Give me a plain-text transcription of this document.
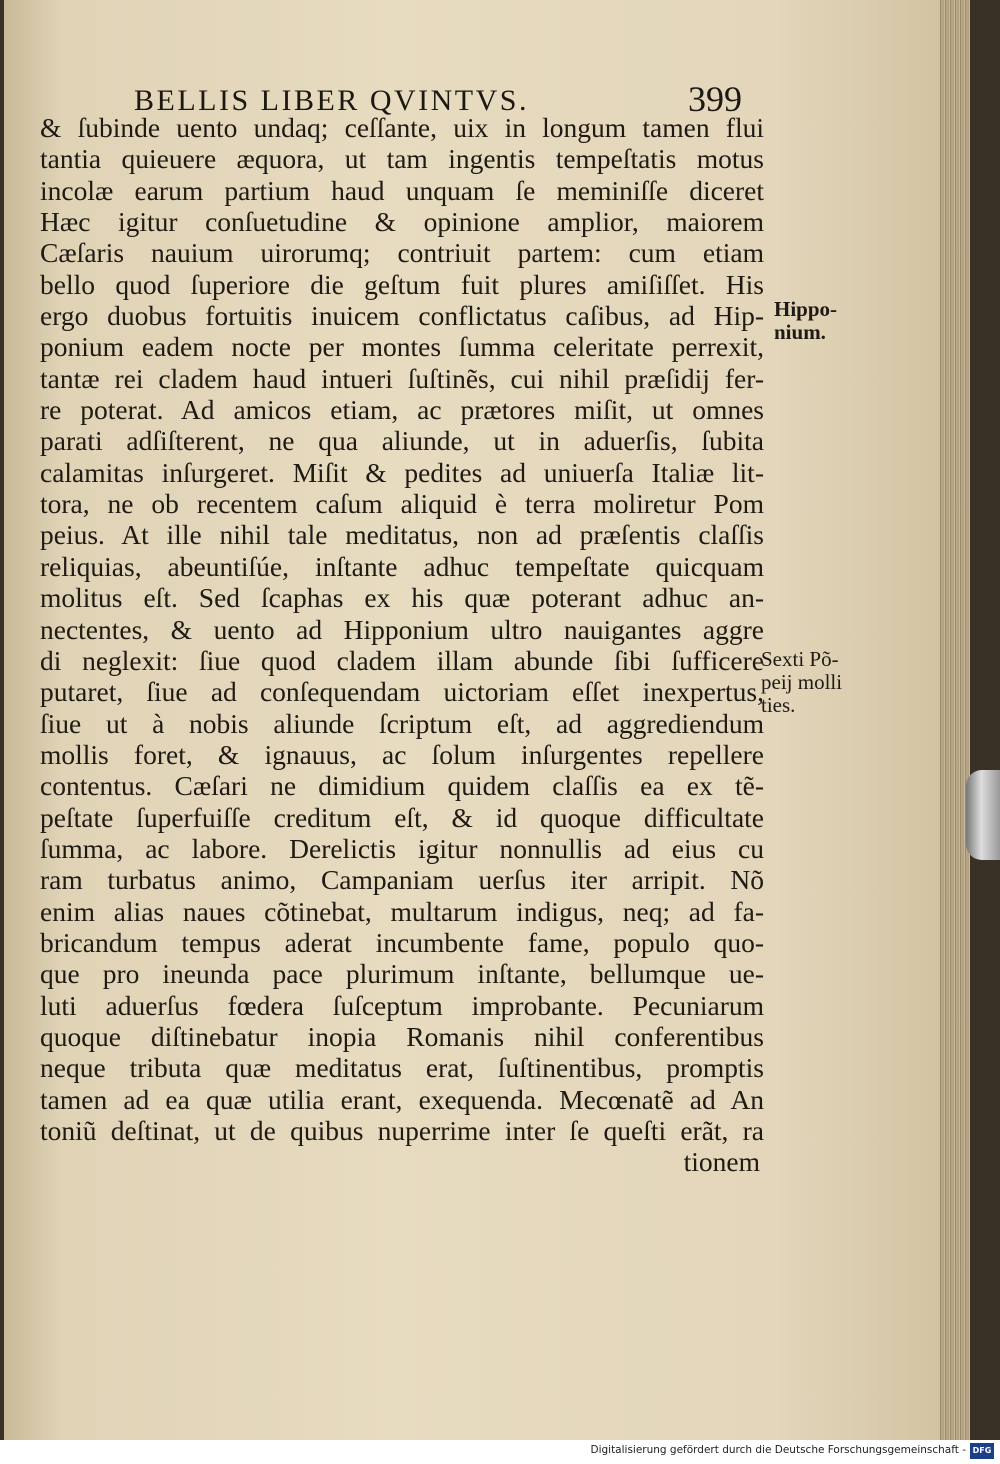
BELLIS LIBER QVINTVS.	399
& ſubinde uento undaq; ceſſante, uix in longum tamen flui
tantia quieuere æquora, ut tam ingentis tempeſtatis motus
incolæ earum partium haud unquam ſe meminiſſe diceret
Hæc igitur conſuetudine & opinione amplior, maiorem
Cæſaris nauium uirorumq; contriuit partem: cum etiam
bello quod ſuperiore die geſtum fuit plures amiſiſſet. His
ergo duobus fortuitis inuicem conflictatus caſibus, ad Hip-
ponium eadem nocte per montes ſumma celeritate perrexit,
tantæ rei cladem haud intueri ſuſtinẽs, cui nihil præſidij fer-
re poterat. Ad amicos etiam, ac prætores miſit, ut omnes
parati adſiſterent, ne qua aliunde, ut in aduerſis, ſubita
calamitas inſurgeret. Miſit & pedites ad uniuerſa Italiæ lit-
tora, ne ob recentem caſum aliquid è terra moliretur Pom
peius. At ille nihil tale meditatus, non ad præſentis claſſis
reliquias, abeuntiſúe, inſtante adhuc tempeſtate quicquam
molitus eſt. Sed ſcaphas ex his quæ poterant adhuc an-
nectentes, & uento ad Hipponium ultro nauigantes aggre
di neglexit: ſiue quod cladem illam abunde ſibi ſufficere
putaret, ſiue ad conſequendam uictoriam eſſet inexpertus,
ſiue ut à nobis aliunde ſcriptum eſt, ad aggrediendum
mollis foret, & ignauus, ac ſolum inſurgentes repellere
contentus. Cæſari ne dimidium quidem claſſis ea ex tẽ-
peſtate ſuperfuiſſe creditum eſt, & id quoque difficultate
ſumma, ac labore. Derelictis igitur nonnullis ad eius cu
ram turbatus animo, Campaniam uerſus iter arripit. Nõ
enim alias naues cõtinebat, multarum indigus, neq; ad fa-
bricandum tempus aderat incumbente fame, populo quo-
que pro ineunda pace plurimum inſtante, bellumque ue-
luti aduerſus fœdera ſuſceptum improbante. Pecuniarum
quoque diſtinebatur inopia Romanis nihil conferentibus
neque tributa quæ meditatus erat, ſuſtinentibus, promptis
tamen ad ea quæ utilia erant, exequenda. Mecœnatẽ ad An
toniũ deſtinat, ut de quibus nuperrime inter ſe queſti erãt, ra
tionem
Hippo-
nium.
Sexti Põ-
peij molli
ties.
Digitalisierung gefördert durch die Deutsche Forschungsgemeinschaft - DFG
